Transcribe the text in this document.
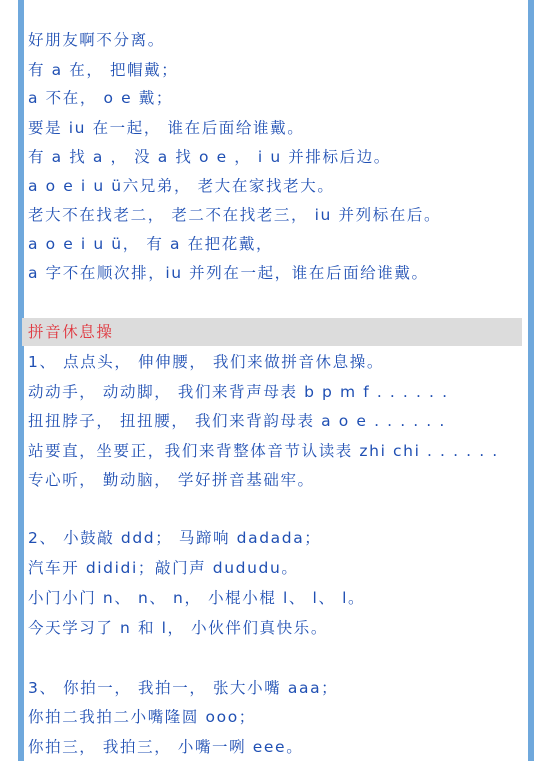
好朋友啊不分离。
有 a 在， 把帽戴；
a 不在， o e 戴；
要是 iu 在一起， 谁在后面给谁戴。
有 a 找 a ， 没 a 找 o e ， i u 并排标后边。
a o e i u ü六兄弟， 老大在家找老大。
老大不在找老二， 老二不在找老三， iu 并列标在后。
a o e i u ü， 有 a 在把花戴，
a 字不在顺次排，iu 并列在一起，谁在后面给谁戴。
拼音休息操
1、 点点头， 伸伸腰， 我们来做拼音休息操。
动动手， 动动脚， 我们来背声母表 b p m f . . . . . .
扭扭脖子， 扭扭腰， 我们来背韵母表 a o e . . . . . .
站要直，坐要正，我们来背整体音节认读表 zhi chi . . . . . .
专心听， 勤动脑， 学好拼音基础牢。
2、 小鼓敲 ddd； 马蹄响 dadada；
汽车开 dididi；敲门声 dududu。
小门小门 n、 n、 n， 小棍小棍 l、 l、 l。
今天学习了 n 和 l， 小伙伴们真快乐。
3、 你拍一， 我拍一， 张大小嘴 aaa；
你拍二我拍二小嘴隆圆 ooo；
你拍三， 我拍三， 小嘴一咧 eee。
